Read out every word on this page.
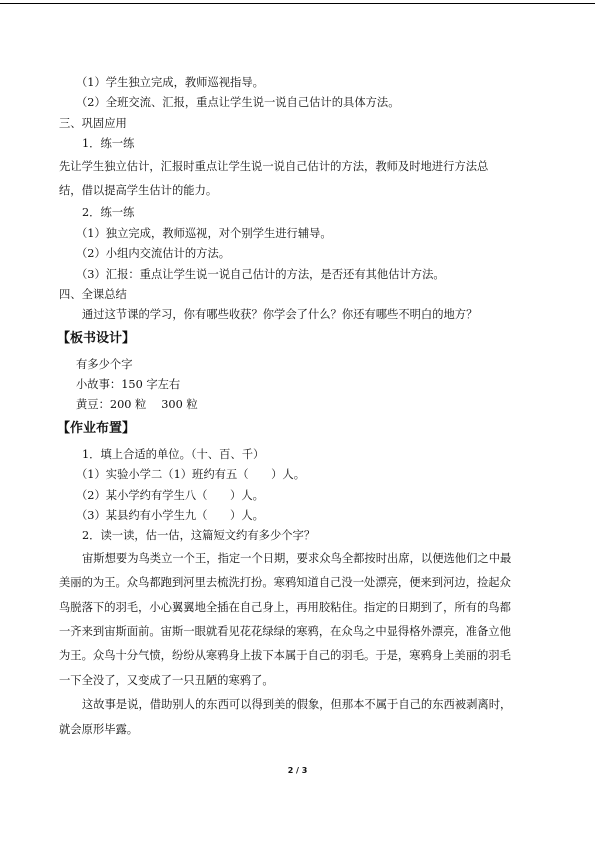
（1）学生独立完成，教师巡视指导。
（2）全班交流、汇报，重点让学生说一说自己估计的具体方法。
三、巩固应用
1．练一练
先让学生独立估计，汇报时重点让学生说一说自己估计的方法，教师及时地进行方法总
结，借以提高学生估计的能力。
2．练一练
（1）独立完成，教师巡视，对个别学生进行辅导。
（2）小组内交流估计的方法。
（3）汇报：重点让学生说一说自己估计的方法，是否还有其他估计方法。
四、全课总结
通过这节课的学习，你有哪些收获？你学会了什么？你还有哪些不明白的地方？
【板书设计】
有多少个字
小故事：150 字左右
黄豆：200 粒　 300 粒
【作业布置】
1．填上合适的单位。（十、百、千）
（1）实验小学二（1）班约有五（　　）人。
（2）某小学约有学生八（　　）人。
（3）某县约有小学生九（　　）人。
2．读一读，估一估，这篇短文约有多少个字？
宙斯想要为鸟类立一个王，指定一个日期，要求众鸟全都按时出席，以便选他们之中最
美丽的为王。众鸟都跑到河里去梳洗打扮。寒鸦知道自己没一处漂亮，便来到河边，捡起众
鸟脱落下的羽毛，小心翼翼地全插在自己身上，再用胶粘住。指定的日期到了，所有的鸟都
一齐来到宙斯面前。宙斯一眼就看见花花绿绿的寒鸦，在众鸟之中显得格外漂亮，准备立他
为王。众鸟十分气愤，纷纷从寒鸦身上拔下本属于自己的羽毛。于是，寒鸦身上美丽的羽毛
一下全没了，又变成了一只丑陋的寒鸦了。
这故事是说，借助别人的东西可以得到美的假象，但那本不属于自己的东西被剥离时，
就会原形毕露。
2 / 3
